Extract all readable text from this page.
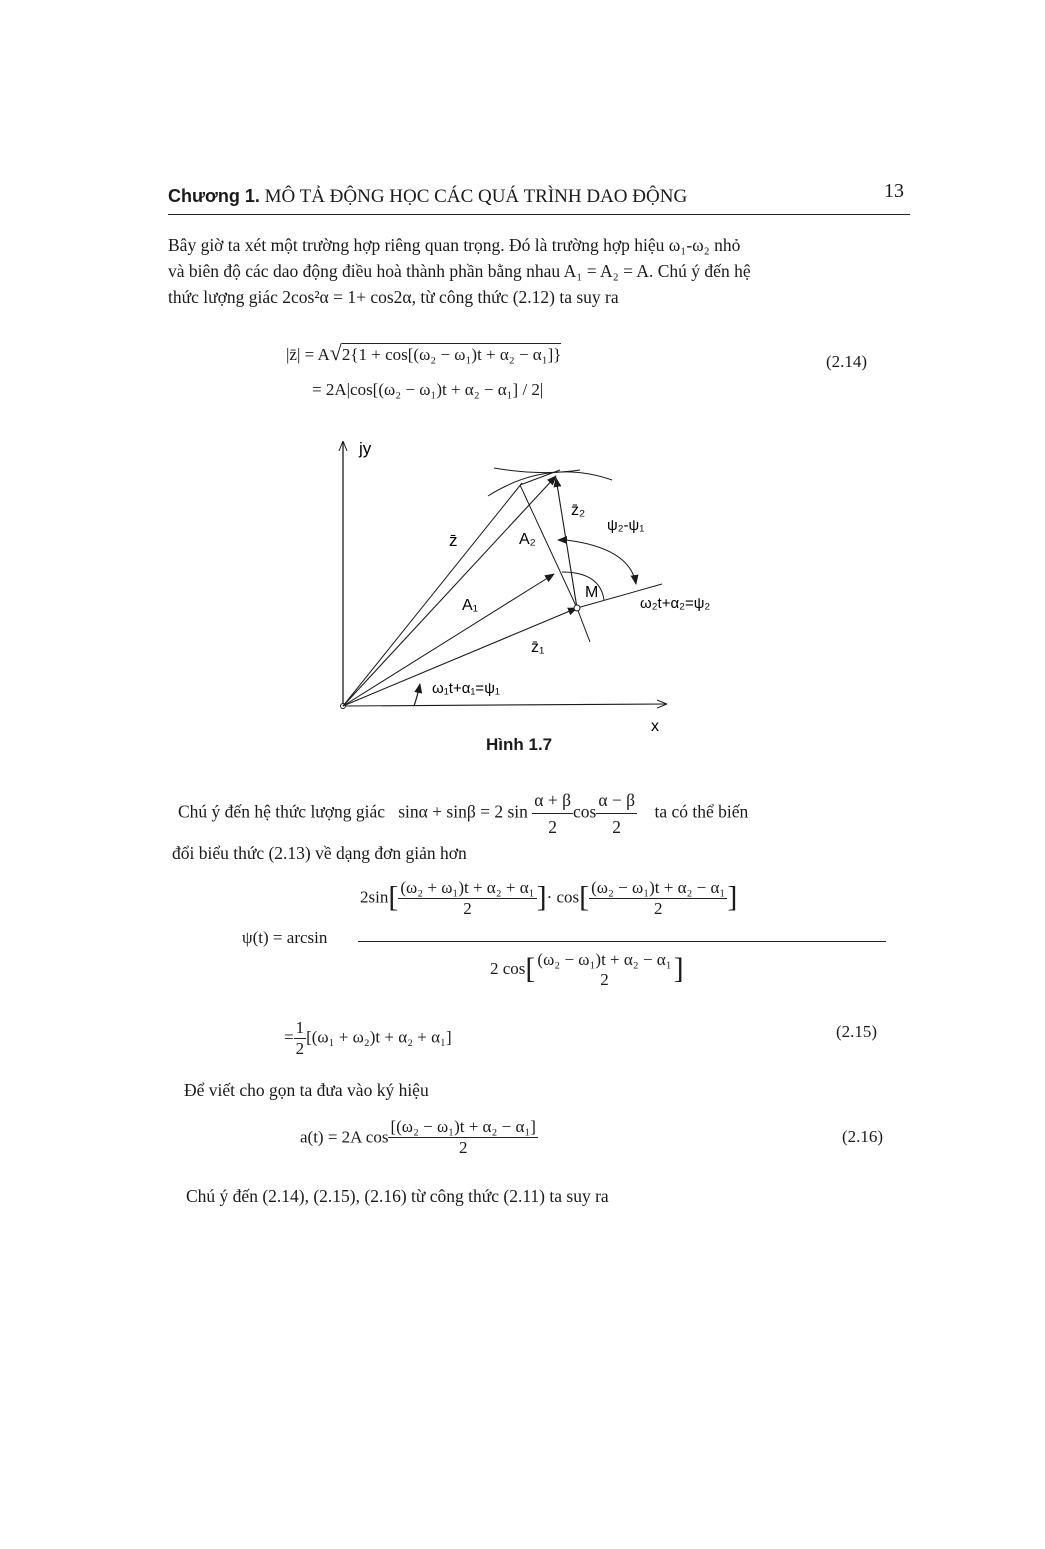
Chương 1. MÔ TẢ ĐỘNG HỌC CÁC QUÁ TRÌNH DAO ĐỘNG	13
Bây giờ ta xét một trường hợp riêng quan trọng. Đó là trường hợp hiệu ω₁-ω₂ nhỏ
và biên độ các dao động điều hoà thành phần bằng nhau A₁ = A₂ = A. Chú ý đến hệ
thức lượng giác 2cos²α = 1+ cos2α, từ công thức (2.12) ta suy ra
|z̄| = A√2{1 + cos[(ω₂ − ω₁)t + α₂ − α₁]}
= 2A|cos[(ω₂ − ω₁)t + α₂ − α₁] / 2|
(2.14)
jy
x
z̄	A₂
z̄₂
ψ₂-ψ₁
A₁
M
ω₂t+α₂=ψ₂
z̄₁
ω₁t+α₁=ψ₁
Hình 1.7
Chú ý đến hệ thức lượng giác sinα + sinβ = 2 $\sin \frac{\alpha + \beta}{2}$ $\cos \frac{\alpha - \beta}{2}$ ta có thể biến
đổi biểu thức (2.13) về dạng đơn giản hơn
ψ(t) = arcsin
$2\sin[ \frac{\text{(ω₂ + ω₁)t + α₂ + α₁}}{2}$ ]· $\cos[ \frac{\text{(ω₂ − ω₁)t + α₂ − α₁}}{2}$ ]
2 cos[ (ω₂ − ω₁)t + α₂ − α₁
2	]
= $\frac{1}{2} [(\omega_1 + \omega_2)t + \alpha_2 + \alpha_1]$	(2.15)
Để viết cho gọn ta đưa vào ký hiệu
a(t) = 2A $\cos \frac{\text{[(ω₂ − ω₁)t + α₂ − α₁]}}{2}$	(2.16)
Chú ý đến (2.14), (2.15), (2.16) từ công thức (2.11) ta suy ra
